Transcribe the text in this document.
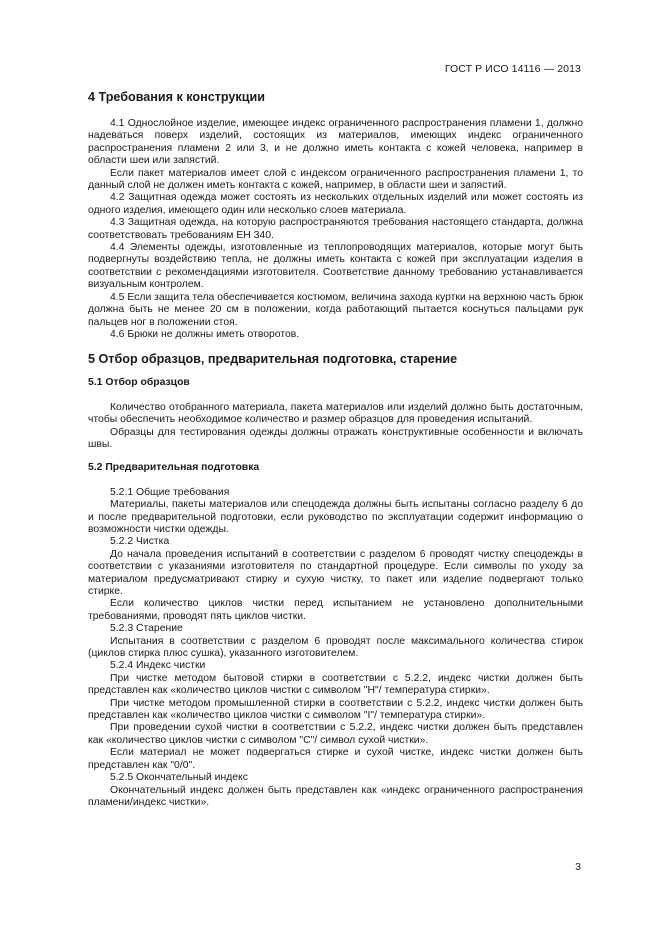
ГОСТ Р ИСО 14116 — 2013
4 Требования к конструкции

4.1 Однослойное изделие, имеющее индекс ограниченного распространения пламени 1, должно надеваться поверх изделий, состоящих из материалов, имеющих индекс ограниченного распространения пламени 2 или 3, и не должно иметь контакта с кожей человека, например в области шеи или запястий.

Если пакет материалов имеет слой с индексом ограниченного распространения пламени 1, то данный слой не должен иметь контакта с кожей, например, в области шеи и запястий.

4.2 Защитная одежда может состоять из нескольких отдельных изделий или может состоять из одного изделия, имеющего один или несколько слоев материала.

4.3 Защитная одежда, на которую распространяются требования настоящего стандарта, должна соответствовать требованиям ЕН 340.

4.4 Элементы одежды, изготовленные из теплопроводящих материалов, которые могут быть подвергнуты воздействию тепла, не должны иметь контакта с кожей при эксплуатации изделия в соответствии с рекомендациями изготовителя. Соответствие данному требованию устанавливается визуальным контролем.

4.5 Если защита тела обеспечивается костюмом, величина захода куртки на верхнюю часть брюк должна быть не менее 20 см в положении, когда работающий пытается коснуться пальцами рук пальцев ног в положении стоя.

4.6 Брюки не должны иметь отворотов.

5 Отбор образцов, предварительная подготовка, старение
5.1 Отбор образцов

Количество отобранного материала, пакета материалов или изделий должно быть достаточным, чтобы обеспечить необходимое количество и размер образцов для проведения испытаний.

Образцы для тестирования одежды должны отражать конструктивные особенности и включать швы.

5.2 Предварительная подготовка

5.2.1 Общие требования

Материалы, пакеты материалов или спецодежда должны быть испытаны согласно разделу 6 до и после предварительной подготовки, если руководство по эксплуатации содержит информацию о возможности чистки одежды.

5.2.2 Чистка

До начала проведения испытаний в соответствии с разделом 6 проводят чистку спецодежды в соответствии с указаниями изготовителя по стандартной процедуре. Если символы по уходу за материалом предусматривают стирку и сухую чистку, то пакет или изделие подвергают только стирке.

Если количество циклов чистки перед испытанием не установлено дополнительными требованиями, проводят пять циклов чистки.

5.2.3 Старение

Испытания в соответствии с разделом 6 проводят после максимального количества стирок (циклов стирка плюс сушка), указанного изготовителем.

5.2.4 Индекс чистки

При чистке методом бытовой стирки в соответствии с 5.2.2, индекс чистки должен быть представлен как «количество циклов чистки с символом "H"/ температура стирки».

При чистке методом промышленной стирки в соответствии с 5.2.2, индекс чистки должен быть представлен как «количество циклов чистки с символом "I"/ температура стирки».

При проведении сухой чистки в соответствии с 5.2.2, индекс чистки должен быть представлен как «количество циклов чистки с символом "C"/ символ сухой чистки».

Если материал не может подвергаться стирке и сухой чистке, индекс чистки должен быть представлен как "0/0".

5.2.5 Окончательный индекс

Окончательный индекс должен быть представлен как «индекс ограниченного распространения пламени/индекс чистки».

3
